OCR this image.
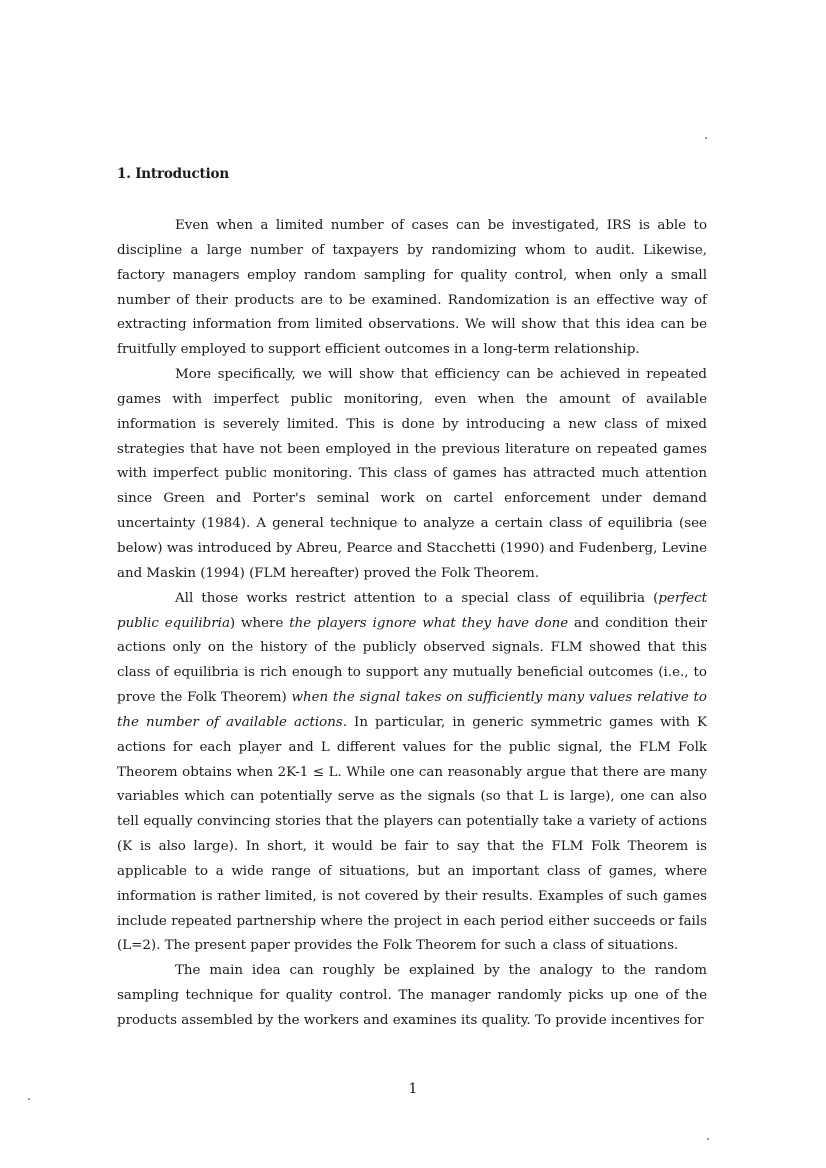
1. Introduction

Even when a limited number of cases can be investigated, IRS is able to discipline a large number of taxpayers by randomizing whom to audit. Likewise, factory managers employ random sampling for quality control, when only a small number of their products are to be examined. Randomization is an effective way of extracting information from limited observations. We will show that this idea can be fruitfully employed to support efficient outcomes in a long-term relationship.

More specifically, we will show that efficiency can be achieved in repeated games with imperfect public monitoring, even when the amount of available information is severely limited. This is done by introducing a new class of mixed strategies that have not been employed in the previous literature on repeated games with imperfect public monitoring. This class of games has attracted much attention since Green and Porter's seminal work on cartel enforcement under demand uncertainty (1984). A general technique to analyze a certain class of equilibria (see below) was introduced by Abreu, Pearce and Stacchetti (1990) and Fudenberg, Levine and Maskin (1994) (FLM hereafter) proved the Folk Theorem.

All those works restrict attention to a special class of equilibria (perfect public equilibria) where the players ignore what they have done and condition their actions only on the history of the publicly observed signals. FLM showed that this class of equilibria is rich enough to support any mutually beneficial outcomes (i.e., to prove the Folk Theorem) when the signal takes on sufficiently many values relative to the number of available actions. In particular, in generic symmetric games with K actions for each player and L different values for the public signal, the FLM Folk Theorem obtains when 2K-1 ≤ L. While one can reasonably argue that there are many variables which can potentially serve as the signals (so that L is large), one can also tell equally convincing stories that the players can potentially take a variety of actions (K is also large). In short, it would be fair to say that the FLM Folk Theorem is applicable to a wide range of situations, but an important class of games, where information is rather limited, is not covered by their results. Examples of such games include repeated partnership where the project in each period either succeeds or fails (L=2). The present paper provides the Folk Theorem for such a class of situations.

The main idea can roughly be explained by the analogy to the random sampling technique for quality control. The manager randomly picks up one of the products assembled by the workers and examines its quality. To provide incentives for

1
